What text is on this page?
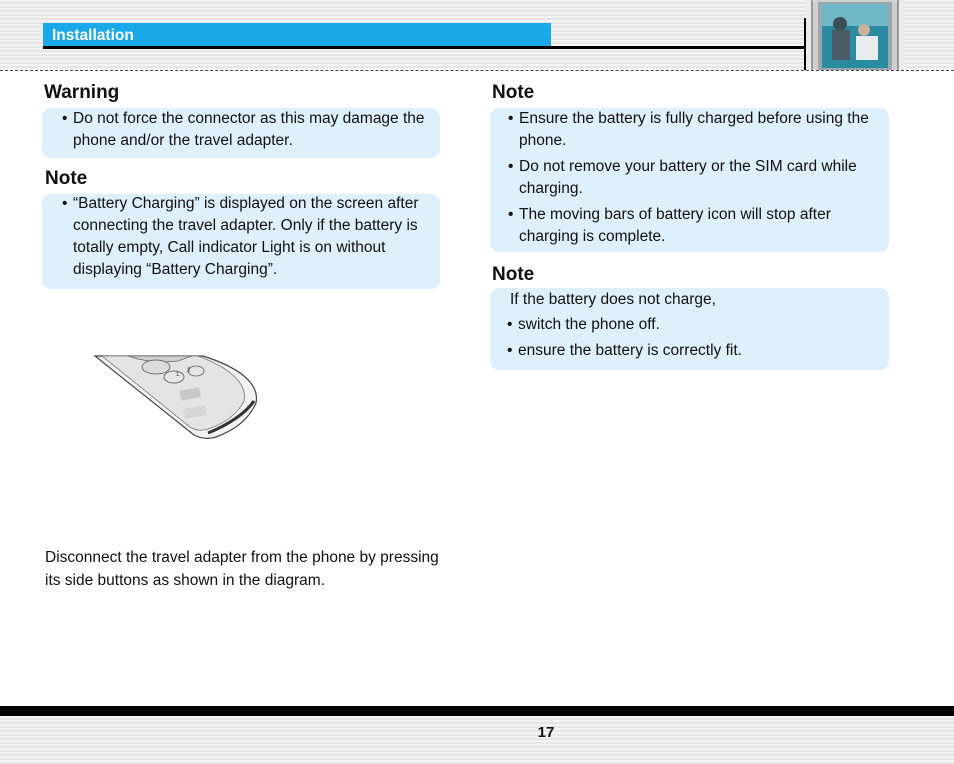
Installation
Warning

• Do not force the connector as this may damage the phone and/or the travel adapter.

Note

• “Battery Charging” is displayed on the screen after connecting the travel adapter. Only if the battery is totally empty, Call indicator Light is on without displaying “Battery Charging”.

1
2
Disconnect the travel adapter from the phone by pressing its side buttons as shown in the diagram.
Note

• Ensure the battery is fully charged before using the phone.

• Do not remove your battery or the SIM card while charging.

• The moving bars of battery icon will stop after charging is complete.

Note

If the battery does not charge,

• switch the phone off.

• ensure the battery is correctly fit.

17
